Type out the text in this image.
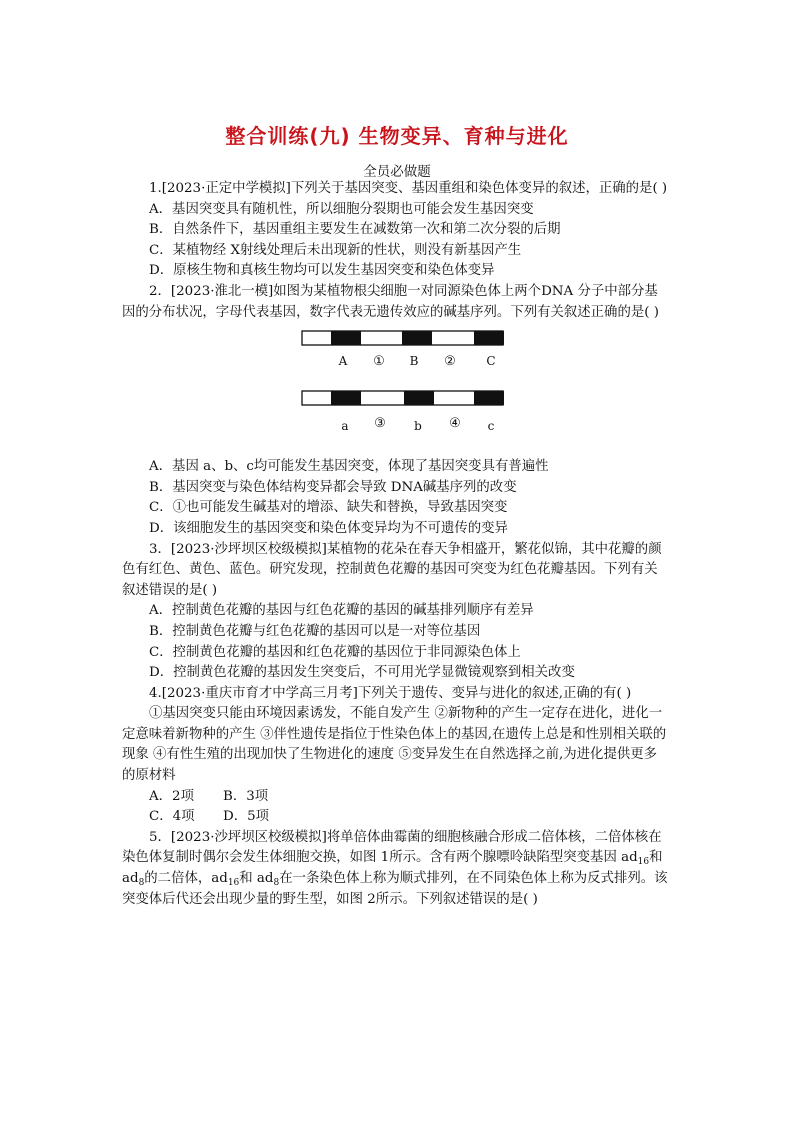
整合训练(九) 生物变异、育种与进化
全员必做题

1.[2023·正定中学模拟]下列关于基因突变、基因重组和染色体变异的叙述，正确的是( )

A．基因突变具有随机性，所以细胞分裂期也可能会发生基因突变

B．自然条件下，基因重组主要发生在减数第一次和第二次分裂的后期

C．某植物经 X射线处理后未出现新的性状，则没有新基因产生

D．原核生物和真核生物均可以发生基因突变和染色体变异

2．[2023·淮北一模]如图为某植物根尖细胞一对同源染色体上两个DNA 分子中部分基因的分布状况，字母代表基因，数字代表无遗传效应的碱基序列。下列有关叙述正确的是( )

A ① B ②	C
a ③ b ④ c

A．基因 a、b、c均可能发生基因突变，体现了基因突变具有普遍性

B．基因突变与染色体结构变异都会导致 DNA碱基序列的改变

C．①也可能发生碱基对的增添、缺失和替换，导致基因突变

D．该细胞发生的基因突变和染色体变异均为不可遗传的变异

3．[2023·沙坪坝区校级模拟]某植物的花朵在春天争相盛开，繁花似锦，其中花瓣的颜色有红色、黄色、蓝色。研究发现，控制黄色花瓣的基因可突变为红色花瓣基因。下列有关叙述错误的是( )

A．控制黄色花瓣的基因与红色花瓣的基因的碱基排列顺序有差异

B．控制黄色花瓣与红色花瓣的基因可以是一对等位基因

C．控制黄色花瓣的基因和红色花瓣的基因位于非同源染色体上

D．控制黄色花瓣的基因发生突变后，不可用光学显微镜观察到相关改变

4.[2023·重庆市育才中学高三月考]下列关于遗传、变异与进化的叙述,正确的有( )

①基因突变只能由环境因素诱发，不能自发产生 ②新物种的产生一定存在进化，进化一定意味着新物种的产生 ③伴性遗传是指位于性染色体上的基因,在遗传上总是和性别相关联的现象 ④有性生殖的出现加快了生物进化的速度 ⑤变异发生在自然选择之前,为进化提供更多的原材料

A．2项 B．3项
C．4项 D．5项

5．[2023·沙坪坝区校级模拟]将单倍体曲霉菌的细胞核融合形成二倍体核，二倍体核在染色体复制时偶尔会发生体细胞交换，如图 1所示。含有两个腺嘌呤缺陷型突变基因 $ad_{16}$和 $ad_8$的二倍体，$ad_{16}$和 $ad_8$在一条染色体上称为顺式排列，在不同染色体上称为反式排列。该突变体后代还会出现少量的野生型，如图 2所示。下列叙述错误的是( )
